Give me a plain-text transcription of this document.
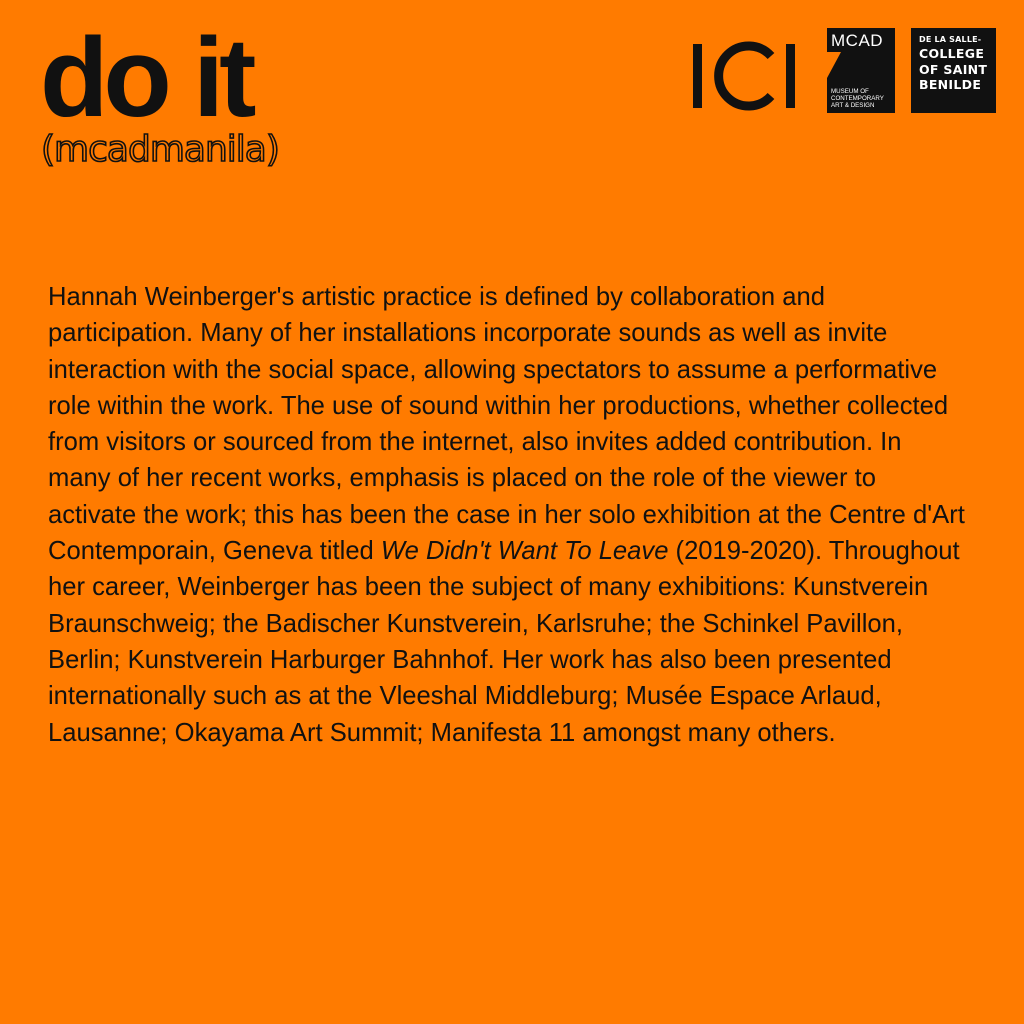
do it
(mcadmanila)
MCAD
MUSEUM OF
CONTEMPORARY
ART & DESIGN
DE LA SALLE-
COLLEGE
OF SAINT
BENILDE

Hannah Weinberger's artistic practice is defined by collaboration and participation. Many of her installations incorporate sounds as well as invite interaction with the social space, allowing spectators to assume a performative role within the work. The use of sound within her productions, whether collected from visitors or sourced from the internet, also invites added contribution. In many of her recent works, emphasis is placed on the role of the viewer to activate the work; this has been the case in her solo exhibition at the Centre d'Art Contemporain, Geneva titled We Didn't Want To Leave (2019-2020). Throughout her career, Weinberger has been the subject of many exhibitions: Kunstverein Braunschweig; the Badischer Kunstverein, Karlsruhe; the Schinkel Pavillon, Berlin; Kunstverein Harburger Bahnhof. Her work has also been presented internationally such as at the Vleeshal Middleburg; Musée Espace Arlaud, Lausanne; Okayama Art Summit; Manifesta 11 amongst many others.
